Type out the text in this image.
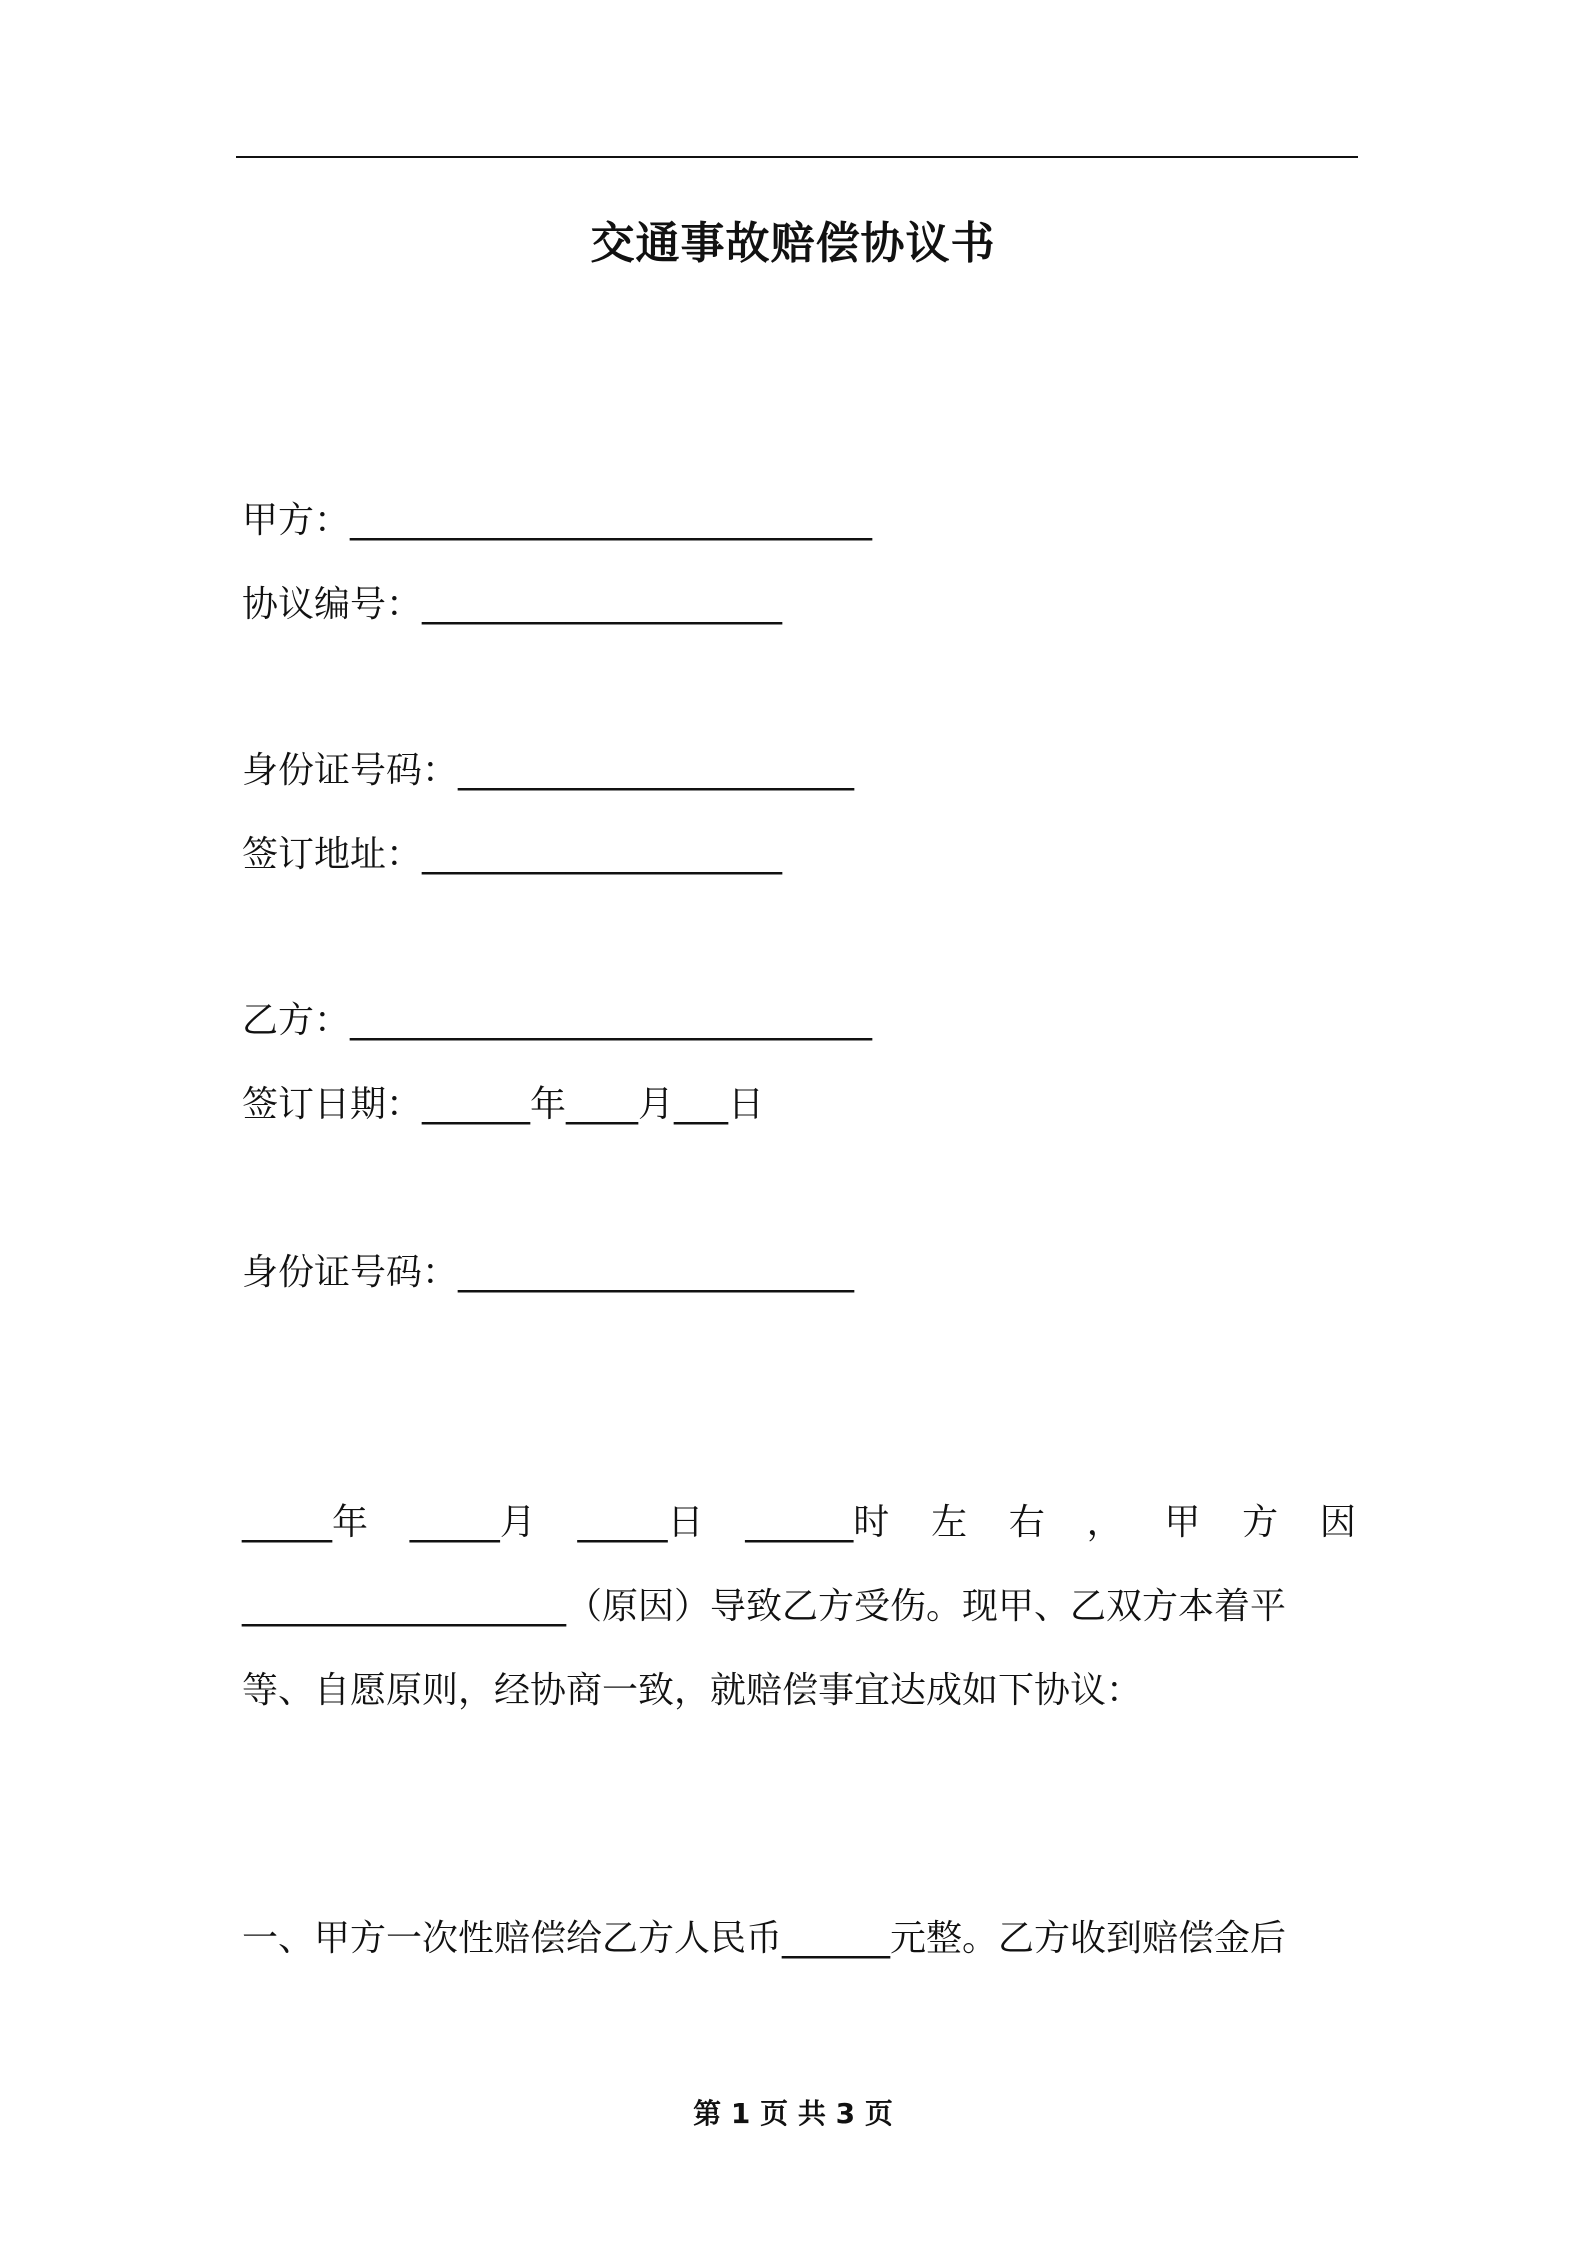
交通事故赔偿协议书
甲方：_____________________________
协议编号：____________________
身份证号码：______________________
签订地址：____________________
乙方：_____________________________
签订日期：______年____月___日
身份证号码：______________________
_____年 _____月 _____日 ______时 左 右 ， 甲 方 因
__________________（原因）导致乙方受伤。现甲、乙双方本着平
等、自愿原则，经协商一致，就赔偿事宜达成如下协议：
一、甲方一次性赔偿给乙方人民币______元整。乙方收到赔偿金后
第 1 页 共 3 页
